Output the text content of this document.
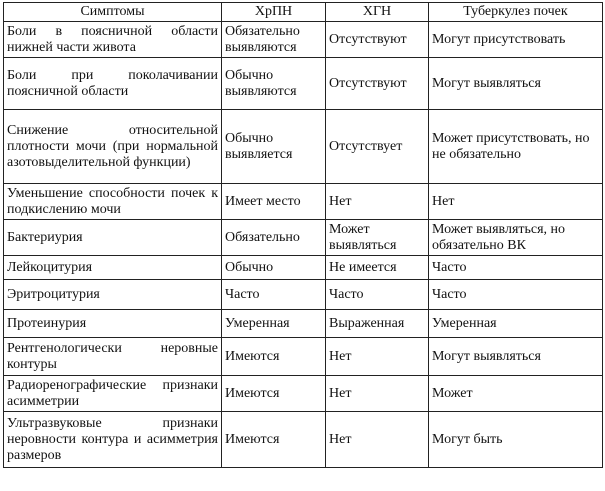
Симптомы	ХрПН	ХГН	Туберкулез почек
Боли в поясничной области нижней части живота	Обязательно выявляются	Отсутствуют	Могут присутствовать
Боли при поколачивании поясничной области	Обычно выявляются	Отсутствуют	Могут выявляться
Снижение относительной плотности мочи (при нормальной азотовыделительной функции)	Обычно выявляется	Отсутствует	Может присутствовать, но не обязательно
Уменьшение способности почек к подкислению мочи	Имеет место	Нет	Нет
Бактериурия	Обязательно	Может выявляться	Может выявляться, но обязательно ВК
Лейкоцитурия	Обычно	Не имеется	Часто
Эритроцитурия	Часто	Часто	Часто
Протеинурия	Умеренная	Выраженная	Умеренная
Рентгенологически неровные контуры	Имеются	Нет	Могут выявляться
Радиоренографические признаки асимметрии	Имеются	Нет	Может
Ультразвуковые признаки неровности контура и асимметрия размеров	Имеются	Нет	Могут быть
